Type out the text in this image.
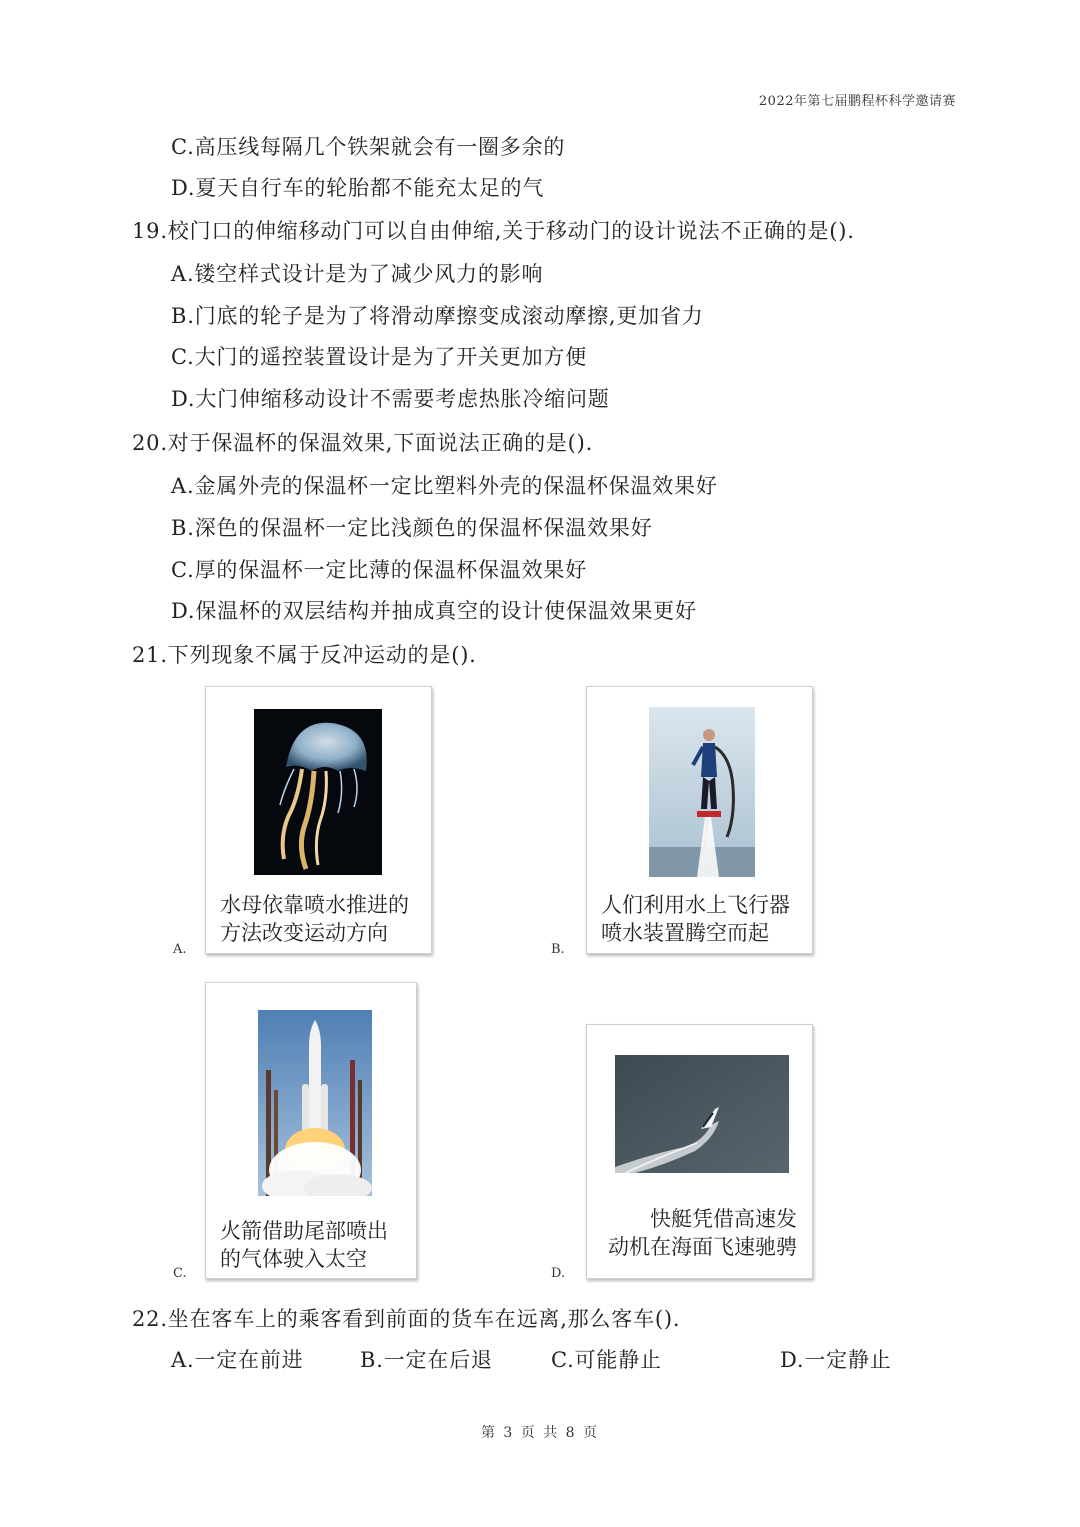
2022年第七届鹏程杯科学邀请赛
C.高压线每隔几个铁架就会有一圈多余的
D.夏天自行车的轮胎都不能充太足的气
19.校门口的伸缩移动门可以自由伸缩,关于移动门的设计说法不正确的是().
A.镂空样式设计是为了减少风力的影响
B.门底的轮子是为了将滑动摩擦变成滚动摩擦,更加省力
C.大门的遥控装置设计是为了开关更加方便
D.大门伸缩移动设计不需要考虑热胀冷缩问题
20.对于保温杯的保温效果,下面说法正确的是().
A.金属外壳的保温杯一定比塑料外壳的保温杯保温效果好
B.深色的保温杯一定比浅颜色的保温杯保温效果好
C.厚的保温杯一定比薄的保温杯保温效果好
D.保温杯的双层结构并抽成真空的设计使保温效果更好
21.下列现象不属于反冲运动的是().
水母依靠喷水推进的
方法改变运动方向
A.
人们利用水上飞行器
喷水装置腾空而起
B.
火箭借助尾部喷出
的气体驶入太空
C.
快艇凭借高速发
动机在海面飞速驰骋
D.
22.坐在客车上的乘客看到前面的货车在远离,那么客车().
A.一定在前进	B.一定在后退	C.可能静止	D.一定静止
第 3 页 共 8 页
